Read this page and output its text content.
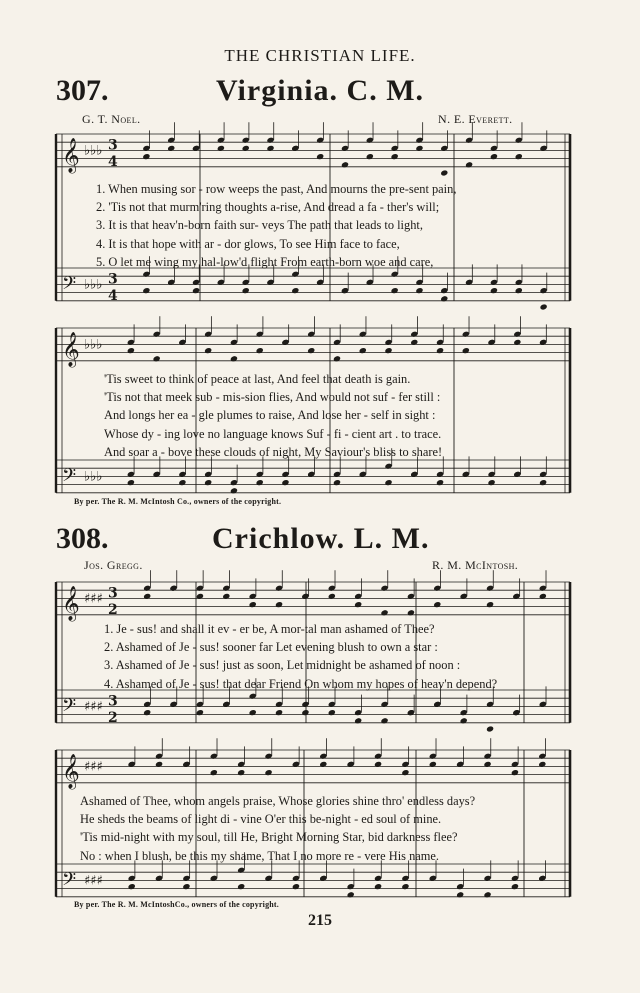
THE CHRISTIAN LIFE.
307.	Virginia. C. M.
G. T. Noel.	N. E. Everett.
1. When musing sor - row weeps the past, And mourns the pre-sent pain,
2. 'Tis not that murm'ring thoughts a-rise, And dread a fa - ther's will;
3. It is that heav'n-born faith sur- veys The path that leads to light,
4. It is that hope with ar - dor glows, To see Him face to face,
5. O let me wing my hal-low'd flight From earth-born woe and care,
'Tis sweet to think of peace at last, And feel that death is gain.
'Tis not that meek sub - mis-sion flies, And would not suf - fer still :
And longs her ea - gle plumes to raise, And lose her - self in sight :
Whose dy - ing love no language knows Suf - fi - cient art . to trace.
And soar a - bove these clouds of night, My Saviour's bliss to share!
By per. The R. M. McIntosh Co., owners of the copyright.
308.	Crichlow. L. M.
Jos. Gregg.	R. M. McIntosh.
1. Je - sus! and shall it ev - er be, A mor-tal man ashamed of Thee?
2. Ashamed of Je - sus! sooner far Let evening blush to own a star :
3. Ashamed of Je - sus! just as soon, Let midnight be ashamed of noon :
4. Ashamed of Je - sus! that dear Friend On whom my hopes of heav'n depend?
Ashamed of Thee, whom angels praise, Whose glories shine thro' endless days?
He sheds the beams of light di - vine O'er this be-night - ed soul of mine.
'Tis mid-night with my soul, till He, Bright Morning Star, bid darkness flee?
No : when I blush, be this my shame, That I no more re - vere His name.
By per. The R. M. McIntoshCo., owners of the copyright.
215
𝄞 ♭♭♭ 3
4
𝄢 ♭♭♭ 3
4
𝄞 ♭♭♭
𝄢 ♭♭♭
𝄞 ♯♯♯ 3
2
𝄢 ♯♯♯ 3
2
𝄞 ♯♯♯
𝄢 ♯♯♯
